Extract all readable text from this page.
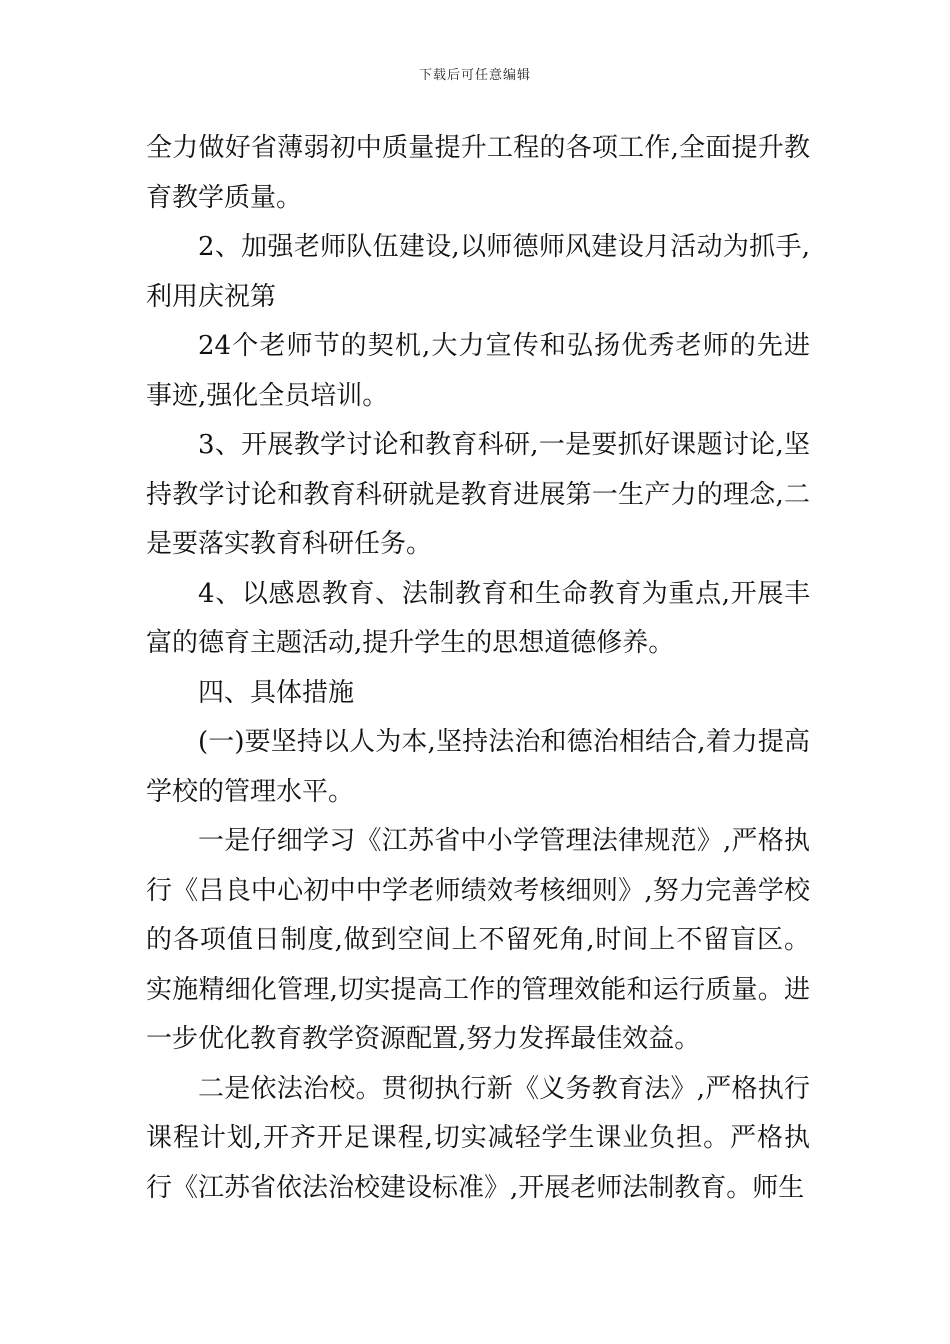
下载后可任意编辑

全力做好省薄弱初中质量提升工程的各项工作,全面提升教育教学质量。

2、加强老师队伍建设,以师德师风建设月活动为抓手,利用庆祝第

24个老师节的契机,大力宣传和弘扬优秀老师的先进事迹,强化全员培训。

3、开展教学讨论和教育科研,一是要抓好课题讨论,坚持教学讨论和教育科研就是教育进展第一生产力的理念,二是要落实教育科研任务。

4、以感恩教育、法制教育和生命教育为重点,开展丰富的德育主题活动,提升学生的思想道德修养。

四、具体措施

(一)要坚持以人为本,坚持法治和德治相结合,着力提高学校的管理水平。

一是仔细学习《江苏省中小学管理法律规范》,严格执行《吕良中心初中中学老师绩效考核细则》,努力完善学校的各项值日制度,做到空间上不留死角,时间上不留盲区。实施精细化管理,切实提高工作的管理效能和运行质量。进一步优化教育教学资源配置,努力发挥最佳效益。

二是依法治校。贯彻执行新《义务教育法》,严格执行课程计划,开齐开足课程,切实减轻学生课业负担。严格执行《江苏省依法治校建设标准》,开展老师法制教育。师生
